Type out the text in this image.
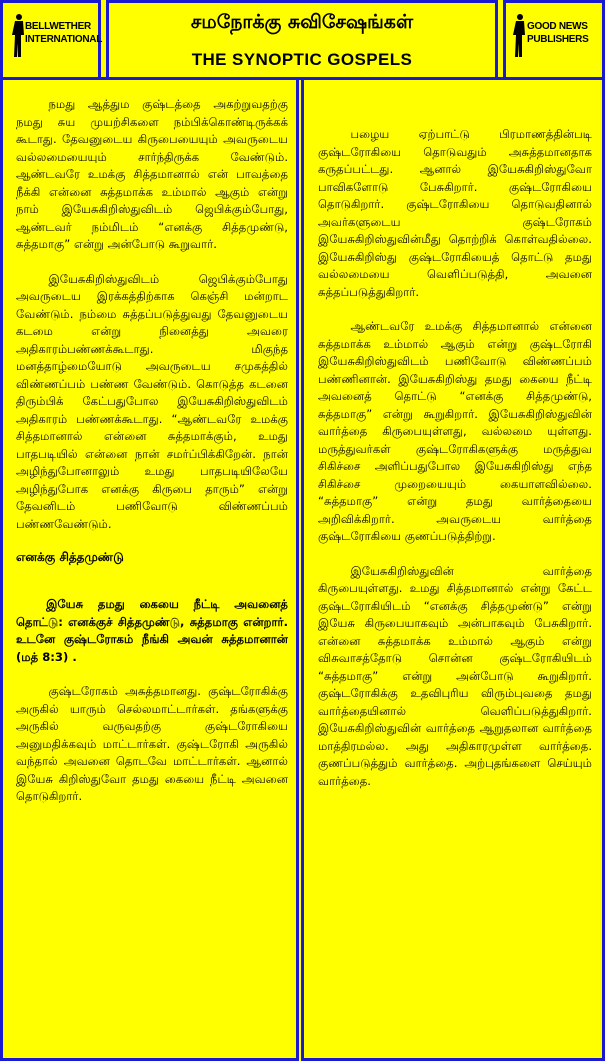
BELLWETHER
INTERNATIONAL
சமநோக்கு சுவிசேஷங்கள்
THE SYNOPTIC GOSPELS
GOOD NEWS
PUBLISHERS

நமது ஆத்தும குஷ்டத்தை அகற்றுவதற்கு நமது சுய முயற்சிகளை நம்பிக்கொண்டிருக்கக் கூடாது. தேவனுடைய கிருபையையும் அவருடைய வல்லமையையும் சார்ந்திருக்க வேண்டும். ஆண்டவரே உமக்கு சித்தமானால் என் பாவத்தை நீக்கி என்னை சுத்தமாக்க உம்மால் ஆகும் என்று நாம் இயேசுகிறிஸ்துவிடம் ஜெபிக்கும்போது, ஆண்டவர் நம்மிடம் “எனக்கு சித்தமுண்டு, சுத்தமாகு” என்று அன்போடு கூறுவார்.

இயேசுகிறிஸ்துவிடம் ஜெபிக்கும்போது அவருடைய இரக்கத்திற்காக கெஞ்சி மன்றாட வேண்டும். நம்மை சுத்தப்படுத்துவது தேவனுடைய கடமை என்று நினைத்து அவரை அதிகாரம்பண்ணக்கூடாது. மிகுந்த மனத்தாழ்மையோடு அவருடைய சமுகத்தில் விண்ணப்பம் பண்ண வேண்டும். கொடுத்த கடனை திரும்பிக் கேட்பதுபோல இயேசுகிறிஸ்துவிடம் அதிகாரம் பண்ணக்கூடாது. “ஆண்டவரே உமக்கு சித்தமானால் என்னை சுத்தமாக்கும், உமது பாதபடியில் என்னை நான் சமர்ப்பிக்கிறேன். நான் அழிந்துபோனாலும் உமது பாதபடியிலேயே அழிந்துபோக எனக்கு கிருபை தாரும்” என்று தேவனிடம் பணிவோடு விண்ணப்பம் பண்ணவேண்டும்.

எனக்கு சித்தமுண்டு

இயேசு தமது கையை நீட்டி அவனைத் தொட்டு: எனக்குச் சித்தமுண்டு, சுத்தமாகு என்றார். உடனே குஷ்டரோகம் நீங்கி அவன் சுத்தமானான் (மத் 8:3) .

குஷ்டரோகம் அசுத்தமானது. குஷ்டரோகிக்கு அருகில் யாரும் செல்லமாட்டார்கள். தங்களுக்கு அருகில் வருவதற்கு குஷ்டரோகியை அனுமதிக்கவும் மாட்டார்கள். குஷ்டரோகி அருகில் வந்தால் அவனை தொடவே மாட்டார்கள். ஆனால் இயேசு கிறிஸ்துவோ தமது கையை நீட்டி அவனை தொடுகிறார்.

பழைய ஏற்பாட்டு பிரமாணத்தின்படி குஷ்டரோகியை தொடுவதும் அசுத்தமானதாக கருதப்பட்டது. ஆனால் இயேசுகிறிஸ்துவோ பாவிகளோடு பேசுகிறார். குஷ்டரோகியை தொடுகிறார். குஷ்டரோகியை தொடுவதினால் அவர்களுடைய குஷ்டரோகம் இயேசுகிறிஸ்துவின்மீது தொற்றிக் கொள்வதில்லை. இயேசுகிறிஸ்து குஷ்டரோகியைத் தொட்டு தமது வல்லமையை வெளிப்படுத்தி, அவனை சுத்தப்படுத்துகிறார்.

ஆண்டவரே உமக்கு சித்தமானால் என்னை சுத்தமாக்க உம்மால் ஆகும் என்று குஷ்டரோகி இயேசுகிறிஸ்துவிடம் பணிவோடு விண்ணப்பம் பண்ணினான். இயேசுகிறிஸ்து தமது கையை நீட்டி அவனைத் தொட்டு “எனக்கு சித்தமுண்டு, சுத்தமாகு” என்று கூறுகிறார். இயேசுகிறிஸ்துவின் வார்த்தை கிருபையுள்ளது, வல்லமை யுள்ளது. மருத்துவர்கள் குஷ்டரோகிகளுக்கு மருத்துவ சிகிச்சை அளிப்பதுபோல இயேசுகிறிஸ்து எந்த சிகிச்சை முறையையும் கையாளவில்லை. “சுத்தமாகு” என்று தமது வார்த்தையை அறிவிக்கிறார். அவருடைய வார்த்தை குஷ்டரோகியை குணப்படுத்திற்று.

இயேசுகிறிஸ்துவின் வார்த்தை கிருபையுள்ளது. உமது சித்தமானால் என்று கேட்ட குஷ்டரோகியிடம் “எனக்கு சித்தமுண்டு” என்று இயேசு கிருபையாகவும் அன்பாகவும் பேசுகிறார். என்னை சுத்தமாக்க உம்மால் ஆகும் என்று விசுவாசத்தோடு சொன்ன குஷ்டரோகியிடம் “சுத்தமாகு” என்று அன்போடு கூறுகிறார். குஷ்டரோகிக்கு உதவிபுரிய விரும்புவதை தமது வார்த்தையினால் வெளிப்படுத்துகிறார். இயேசுகிறிஸ்துவின் வார்த்தை ஆறுதலான வார்த்தை மாத்திரமல்ல. அது அதிகாரமுள்ள வார்த்தை. குணப்படுத்தும் வார்த்தை. அற்புதங்களை செய்யும் வார்த்தை.
